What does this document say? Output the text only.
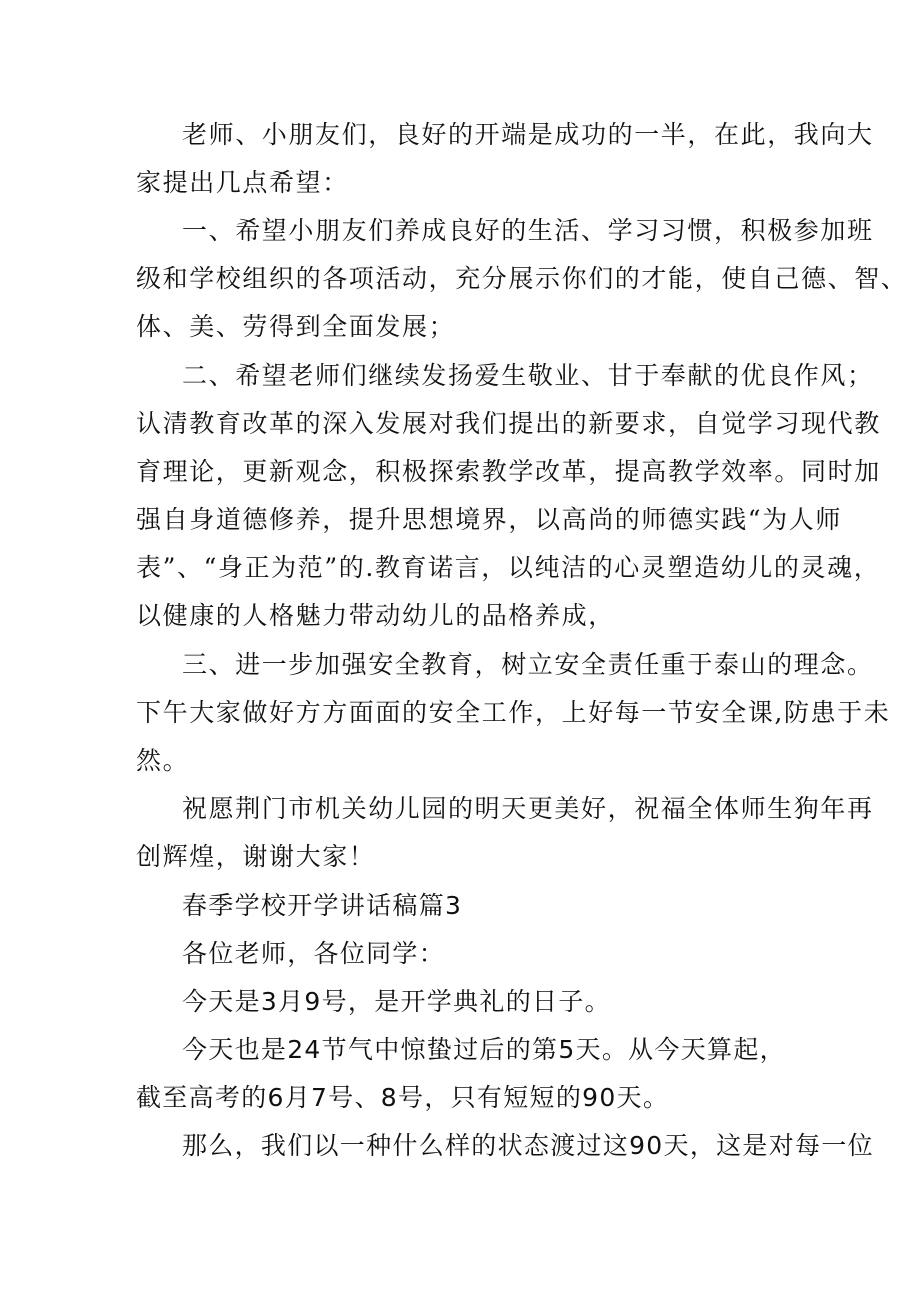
老师、小朋友们，良好的开端是成功的一半，在此，我向大
家提出几点希望：
一、希望小朋友们养成良好的生活、学习习惯，积极参加班
级和学校组织的各项活动，充分展示你们的才能，使自己德、智、
体、美、劳得到全面发展；
二、希望老师们继续发扬爱生敬业、甘于奉献的优良作风；
认清教育改革的深入发展对我们提出的新要求，自觉学习现代教
育理论，更新观念，积极探索教学改革，提高教学效率。同时加
强自身道德修养，提升思想境界，以高尚的师德实践“为人师
表”、“身正为范”的.教育诺言，以纯洁的心灵塑造幼儿的灵魂，
以健康的人格魅力带动幼儿的品格养成，
三、进一步加强安全教育，树立安全责任重于泰山的理念。
下午大家做好方方面面的安全工作，上好每一节安全课,防患于未
然。
祝愿荆门市机关幼儿园的明天更美好，祝福全体师生狗年再
创辉煌，谢谢大家！
春季学校开学讲话稿篇3
各位老师，各位同学：
今天是3月9号，是开学典礼的日子。
今天也是24节气中惊蛰过后的第5天。从今天算起，
截至高考的6月7号、8号，只有短短的90天。
那么，我们以一种什么样的状态渡过这90天，这是对每一位
